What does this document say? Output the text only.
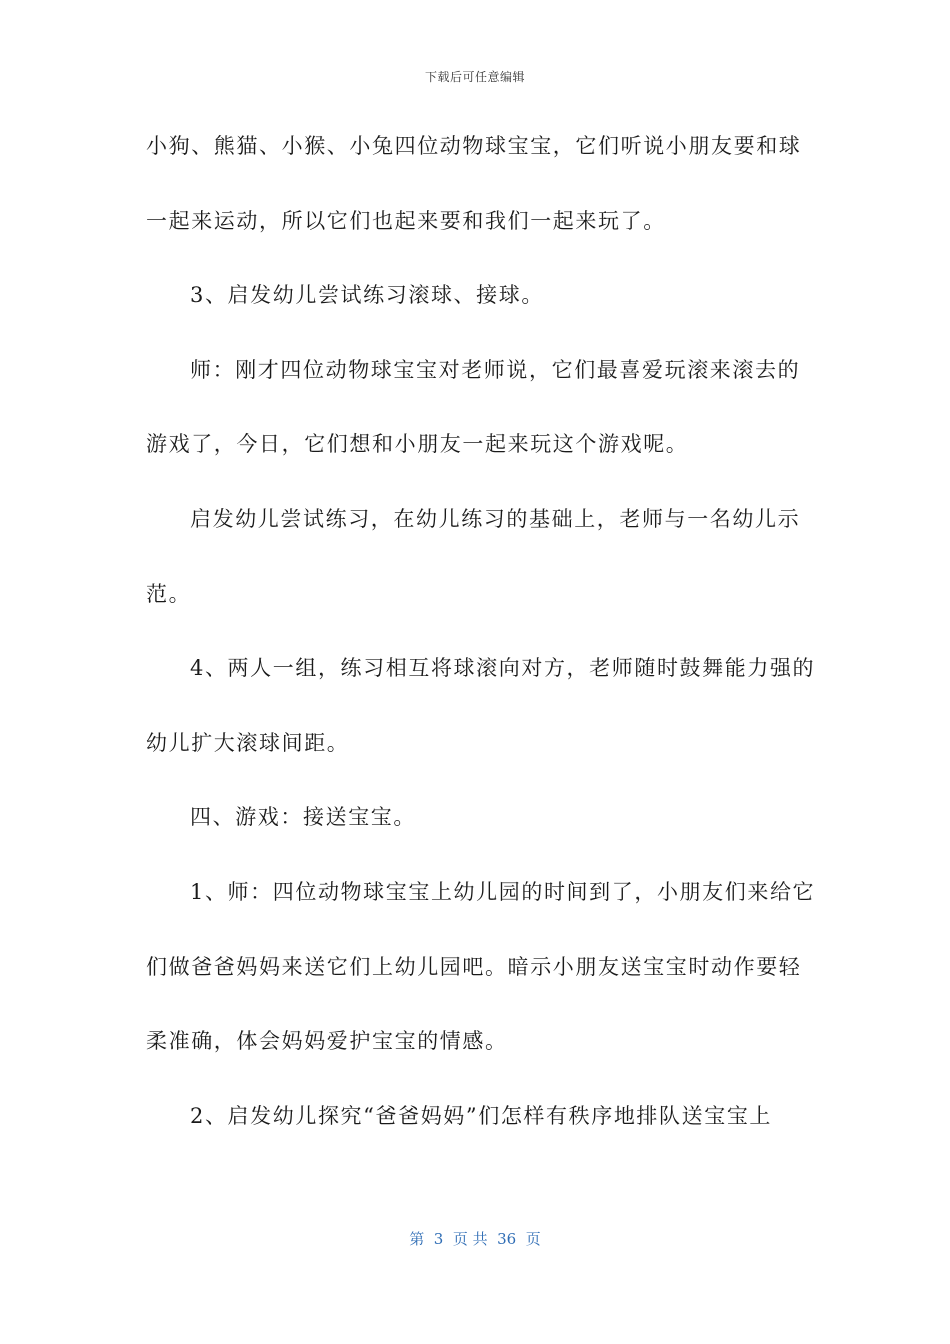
下载后可任意编辑
小狗、熊猫、小猴、小兔四位动物球宝宝，它们听说小朋友要和球
一起来运动，所以它们也起来要和我们一起来玩了。
3、启发幼儿尝试练习滚球、接球。
师：刚才四位动物球宝宝对老师说，它们最喜爱玩滚来滚去的
游戏了，今日，它们想和小朋友一起来玩这个游戏呢。
启发幼儿尝试练习，在幼儿练习的基础上，老师与一名幼儿示
范。
4、两人一组，练习相互将球滚向对方，老师随时鼓舞能力强的
幼儿扩大滚球间距。
四、游戏：接送宝宝。
1、师：四位动物球宝宝上幼儿园的时间到了，小朋友们来给它
们做爸爸妈妈来送它们上幼儿园吧。暗示小朋友送宝宝时动作要轻
柔准确，体会妈妈爱护宝宝的情感。
2、启发幼儿探究“爸爸妈妈”们怎样有秩序地排队送宝宝上
第  3  页 共  36  页
